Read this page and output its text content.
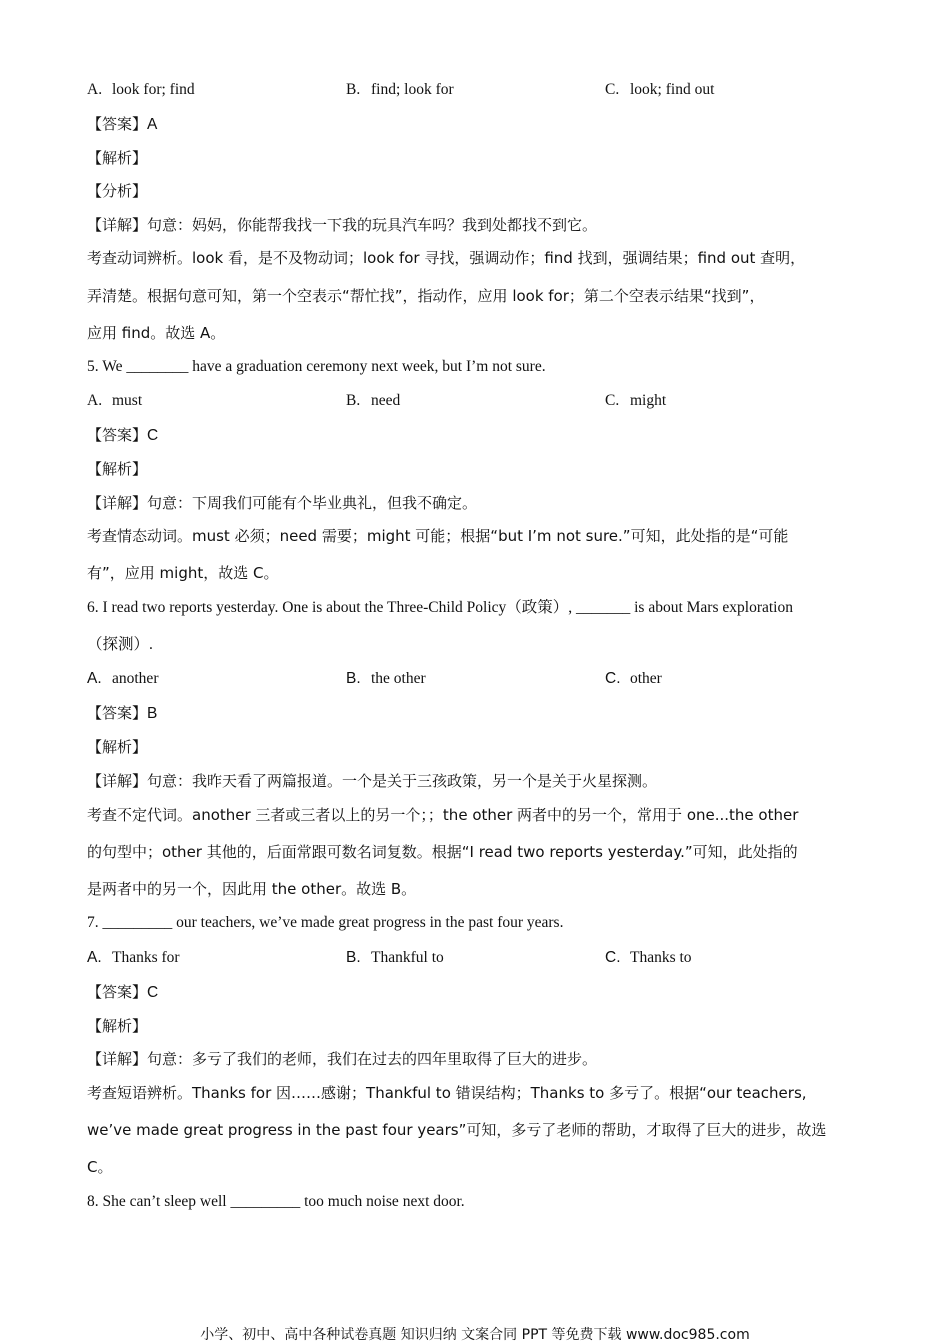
A. look for; find	B. find; look for	C. look; find out
【答案】A
【解析】
【分析】
【详解】句意：妈妈，你能帮我找一下我的玩具汽车吗？我到处都找不到它。
考查动词辨析。look 看，是不及物动词；look for 寻找，强调动作；find 找到，强调结果；find out 查明，
弄清楚。根据句意可知，第一个空表示“帮忙找”，指动作，应用 look for；第二个空表示结果“找到”，
应用 find。故选 A。
5. We ________ have a graduation ceremony next week, but I’m not sure.
A. must	B. need	C. might
【答案】C
【解析】
【详解】句意：下周我们可能有个毕业典礼，但我不确定。
考查情态动词。must 必须；need 需要；might 可能；根据“but I’m not sure.”可知，此处指的是“可能
有”，应用 might，故选 C。
6. I read two reports yesterday. One is about the Three-Child Policy（政策）, _______ is about Mars exploration
（探测）.
A. another	B. the other	C. other
【答案】B
【解析】
【详解】句意：我昨天看了两篇报道。一个是关于三孩政策，另一个是关于火星探测。
考查不定代词。another 三者或三者以上的另一个；；the other 两者中的另一个，常用于 one...the other
的句型中；other 其他的，后面常跟可数名词复数。根据“I read two reports yesterday.”可知，此处指的
是两者中的另一个，因此用 the other。故选 B。
7. _________ our teachers, we’ve made great progress in the past four years.
A. Thanks for	B. Thankful to	C. Thanks to
【答案】C
【解析】
【详解】句意：多亏了我们的老师，我们在过去的四年里取得了巨大的进步。
考查短语辨析。Thanks for 因……感谢；Thankful to 错误结构；Thanks to 多亏了。根据“our teachers,
we’ve made great progress in the past four years”可知，多亏了老师的帮助，才取得了巨大的进步，故选
C。
8. She can’t sleep well _________ too much noise next door.
小学、初中、高中各种试卷真题 知识归纳 文案合同 PPT 等免费下载 www.doc985.com
